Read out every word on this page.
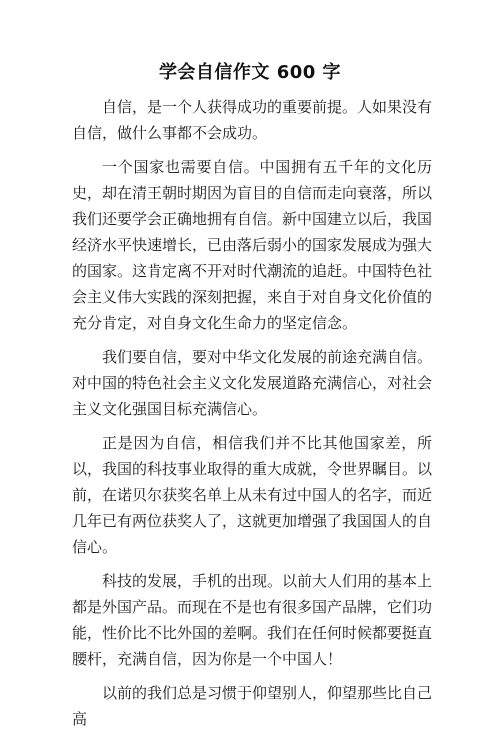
学会自信作文 600 字

自信，是一个人获得成功的重要前提。人如果没有自信，做什么事都不会成功。

一个国家也需要自信。中国拥有五千年的文化历史，却在清王朝时期因为盲目的自信而走向衰落，所以我们还要学会正确地拥有自信。新中国建立以后，我国经济水平快速增长，已由落后弱小的国家发展成为强大的国家。这肯定离不开对时代潮流的追赶。中国特色社会主义伟大实践的深刻把握，来自于对自身文化价值的充分肯定，对自身文化生命力的坚定信念。

我们要自信，要对中华文化发展的前途充满自信。对中国的特色社会主义文化发展道路充满信心，对社会主义文化强国目标充满信心。

正是因为自信，相信我们并不比其他国家差，所以，我国的科技事业取得的重大成就，令世界瞩目。以前，在诺贝尔获奖名单上从未有过中国人的名字，而近几年已有两位获奖人了，这就更加增强了我国国人的自信心。

科技的发展，手机的出现。以前大人们用的基本上都是外国产品。而现在不是也有很多国产品牌，它们功能，性价比不比外国的差啊。我们在任何时候都要挺直腰杆，充满自信，因为你是一个中国人！

以前的我们总是习惯于仰望别人，仰望那些比自己高
